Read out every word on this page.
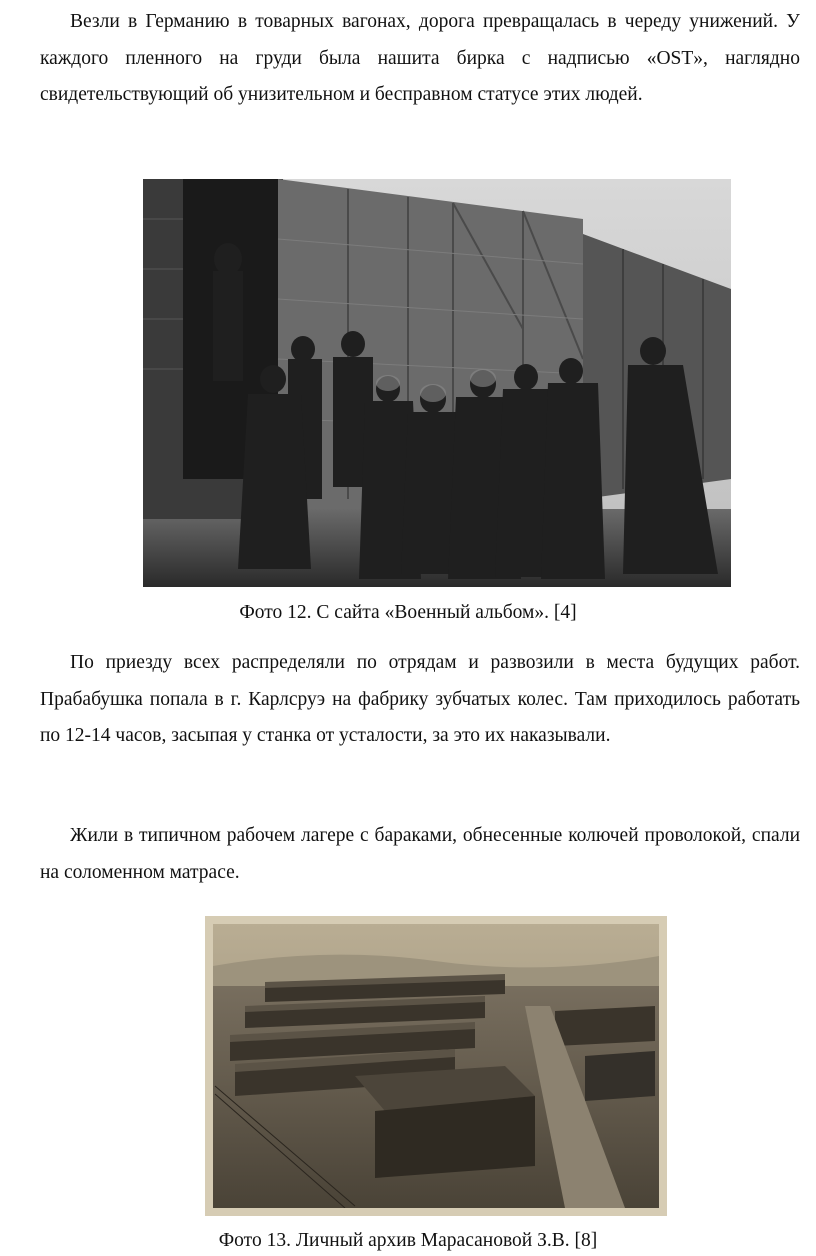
Везли в Германию в товарных вагонах, дорога превращалась в череду унижений. У каждого пленного на груди была нашита бирка с надписью «OST», наглядно свидетельствующий об унизительном и бесправном статусе этих людей.

Фото 12. С сайта «Военный альбом». [4]

По приезду всех распределяли по отрядам и развозили в места будущих работ. Прабабушка попала в г. Карлсруэ на фабрику зубчатых колес. Там приходилось работать по 12-14 часов, засыпая у станка от усталости, за это их наказывали.

Жили в типичном рабочем лагере с бараками, обнесенные колючей проволокой, спали на соломенном матрасе.

Фото 13. Личный архив Марасановой З.В. [8]
